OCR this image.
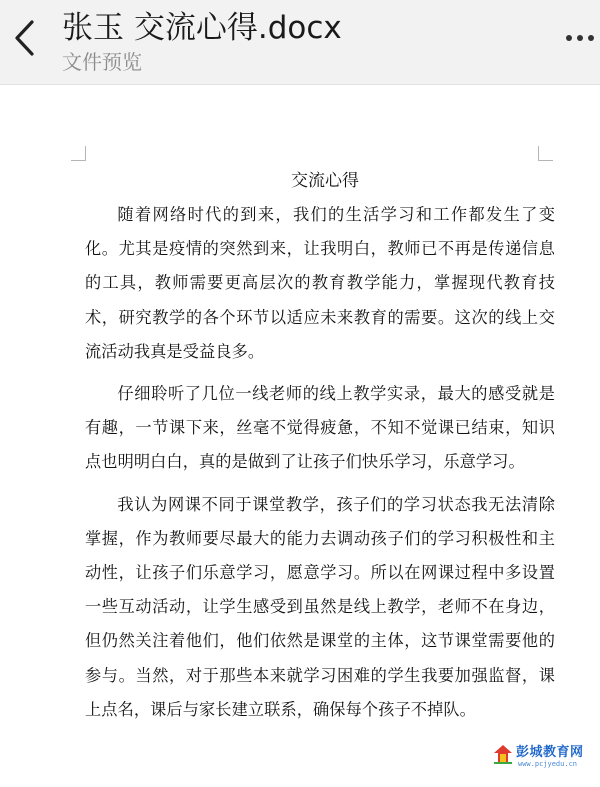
张玉 交流心得.docx
文件预览
交流心得

随着网络时代的到来，我们的生活学习和工作都发生了变化。尤其是疫情的突然到来，让我明白，教师已不再是传递信息的工具，教师需要更高层次的教育教学能力，掌握现代教育技术，研究教学的各个环节以适应未来教育的需要。这次的线上交流活动我真是受益良多。

仔细聆听了几位一线老师的线上教学实录，最大的感受就是有趣，一节课下来，丝毫不觉得疲惫，不知不觉课已结束，知识点也明明白白，真的是做到了让孩子们快乐学习，乐意学习。

我认为网课不同于课堂教学，孩子们的学习状态我无法清除掌握，作为教师要尽最大的能力去调动孩子们的学习积极性和主动性，让孩子们乐意学习，愿意学习。所以在网课过程中多设置一些互动活动，让学生感受到虽然是线上教学，老师不在身边，但仍然关注着他们，他们依然是课堂的主体，这节课堂需要他的参与。当然，对于那些本来就学习困难的学生我要加强监督，课上点名，课后与家长建立联系，确保每个孩子不掉队。

彭城教育网
www.pcjyedu.cn
